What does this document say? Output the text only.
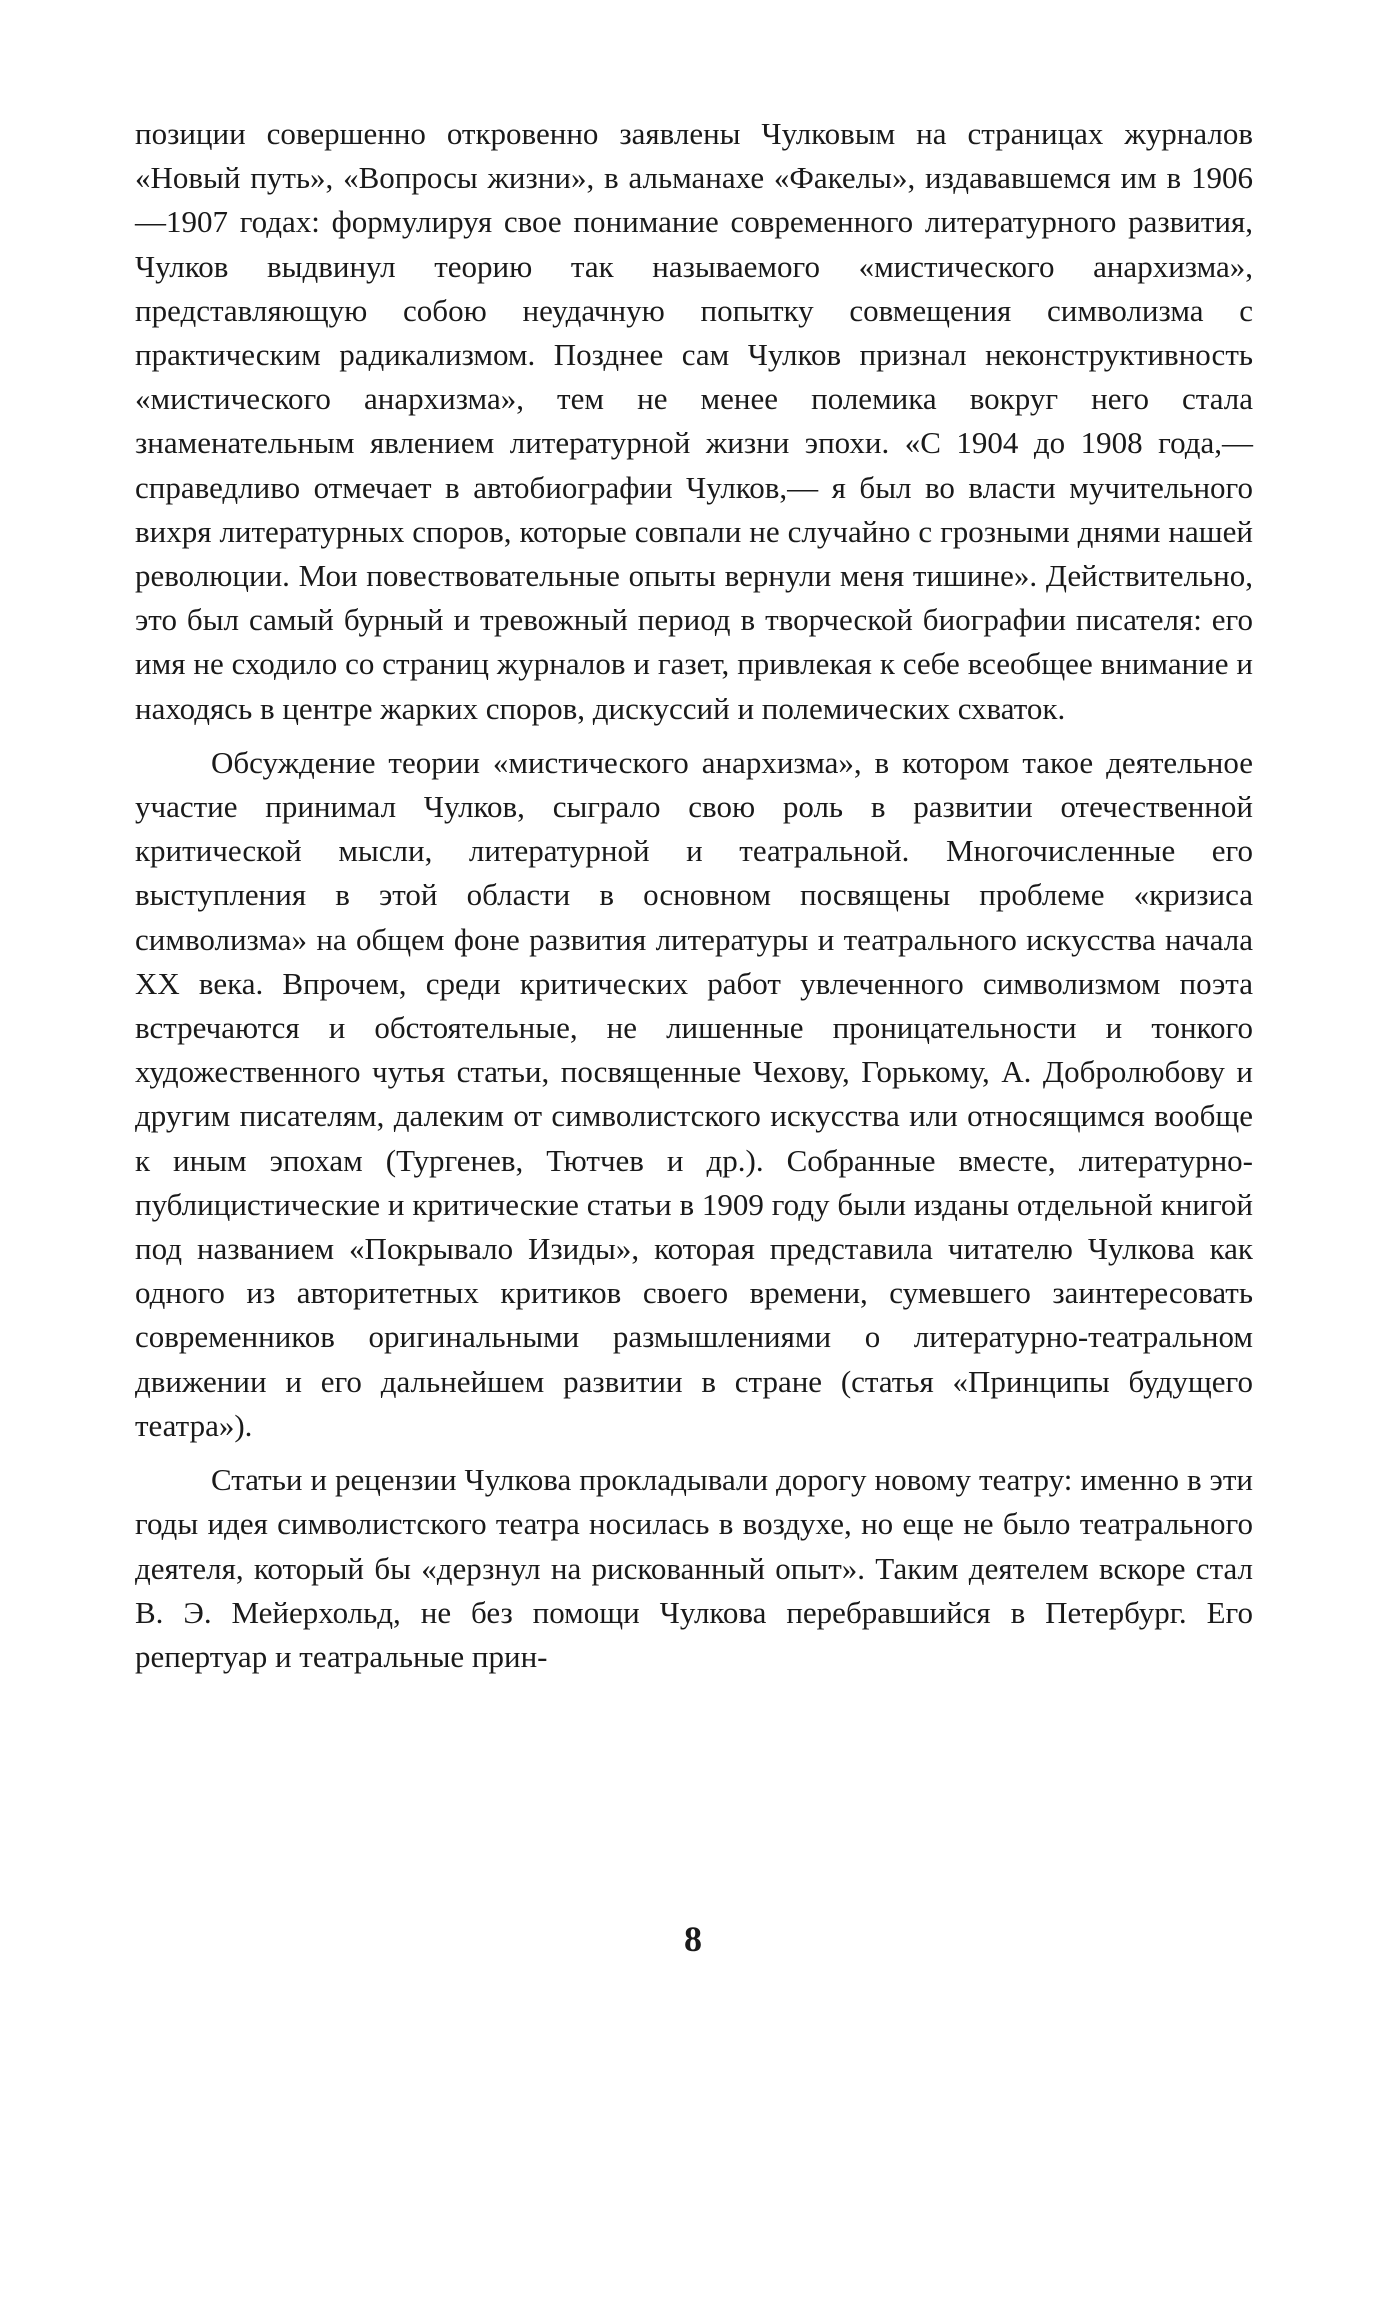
позиции совершенно откровенно заявлены Чулковым на страницах журналов «Новый путь», «Вопросы жизни», в альманахе «Факелы», издававшемся им в 1906—1907 годах: формулируя свое понимание современного литературного развития, Чулков выдвинул теорию так называемого «мистического анархизма», представляющую собою неудачную попытку совмещения символизма с практическим радикализмом. Позднее сам Чулков признал неконструктивность «мистического анархизма», тем не менее полемика вокруг него стала знаменательным явлением литературной жизни эпохи. «С 1904 до 1908 года,— справедливо отмечает в автобиографии Чулков,— я был во власти мучительного вихря литературных споров, которые совпали не случайно с грозными днями нашей революции. Мои повествовательные опыты вернули меня тишине». Действительно, это был самый бурный и тревожный период в творческой биографии писателя: его имя не сходило со страниц журналов и газет, привлекая к себе всеобщее внимание и находясь в центре жарких споров, дискуссий и полемических схваток.

Обсуждение теории «мистического анархизма», в котором такое деятельное участие принимал Чулков, сыграло свою роль в развитии отечественной критической мысли, литературной и театральной. Многочисленные его выступления в этой области в основном посвящены проблеме «кризиса символизма» на общем фоне развития литературы и театрального искусства начала XX века. Впрочем, среди критических работ увлеченного символизмом поэта встречаются и обстоятельные, не лишенные проницательности и тонкого художественного чутья статьи, посвященные Чехову, Горькому, А. Добролюбову и другим писателям, далеким от символистского искусства или относящимся вообще к иным эпохам (Тургенев, Тютчев и др.). Собранные вместе, литературно-публицистические и критические статьи в 1909 году были изданы отдельной книгой под названием «Покрывало Изиды», которая представила читателю Чулкова как одного из авторитетных критиков своего времени, сумевшего заинтересовать современников оригинальными размышлениями о литературно-театральном движении и его дальнейшем развитии в стране (статья «Принципы будущего театра»).

Статьи и рецензии Чулкова прокладывали дорогу новому театру: именно в эти годы идея символистского театра носилась в воздухе, но еще не было театрального деятеля, который бы «дерзнул на рискованный опыт». Таким деятелем вскоре стал В. Э. Мейерхольд, не без помощи Чулкова перебравшийся в Петербург. Его репертуар и театральные прин-

8
